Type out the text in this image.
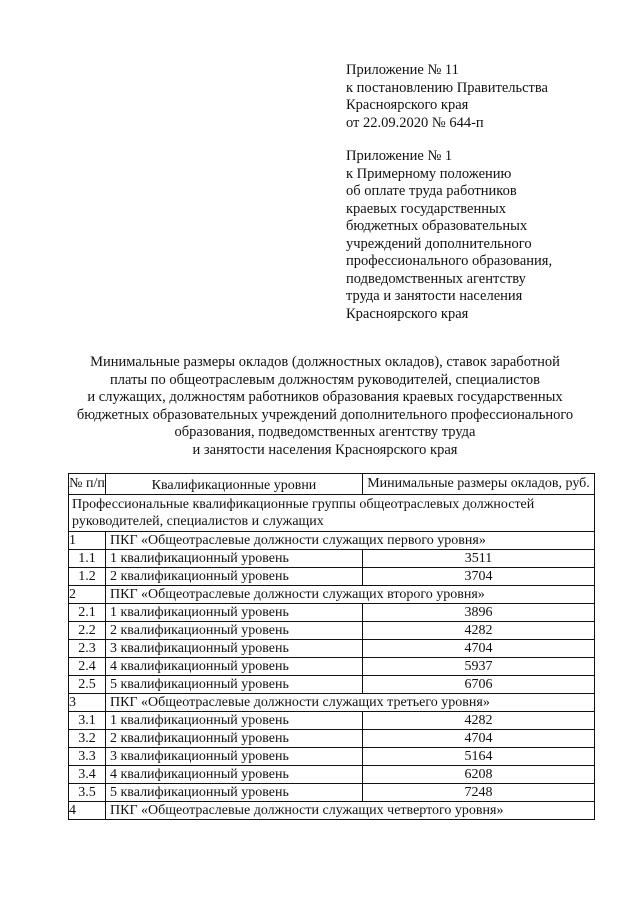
Приложение № 11
к постановлению Правительства
Красноярского края
от 22.09.2020 № 644-п
Приложение № 1
к Примерному положению
об оплате труда работников
краевых государственных
бюджетных образовательных
учреждений дополнительного
профессионального образования,
подведомственных агентству
труда и занятости населения
Красноярского края
Минимальные размеры окладов (должностных окладов), ставок заработной
платы по общеотраслевым должностям руководителей, специалистов
и служащих, должностям работников образования краевых государственных
бюджетных образовательных учреждений дополнительного профессионального
образования, подведомственных агентству труда
и занятости населения Красноярского края
№ п/п	Квалификационные уровни	Минимальные размеры окладов, руб.
Профессиональные квалификационные группы общеотраслевых должностей руководителей, специалистов и служащих		
1	ПКГ «Общеотраслевые должности служащих первого уровня»	
1.1	1 квалификационный уровень	3511
1.2	2 квалификационный уровень	3704
2	ПКГ «Общеотраслевые должности служащих второго уровня»	
2.1	1 квалификационный уровень	3896
2.2	2 квалификационный уровень	4282
2.3	3 квалификационный уровень	4704
2.4	4 квалификационный уровень	5937
2.5	5 квалификационный уровень	6706
3	ПКГ «Общеотраслевые должности служащих третьего уровня»	
3.1	1 квалификационный уровень	4282
3.2	2 квалификационный уровень	4704
3.3	3 квалификационный уровень	5164
3.4	4 квалификационный уровень	6208
3.5	5 квалификационный уровень	7248
4	ПКГ «Общеотраслевые должности служащих четвертого уровня»	
